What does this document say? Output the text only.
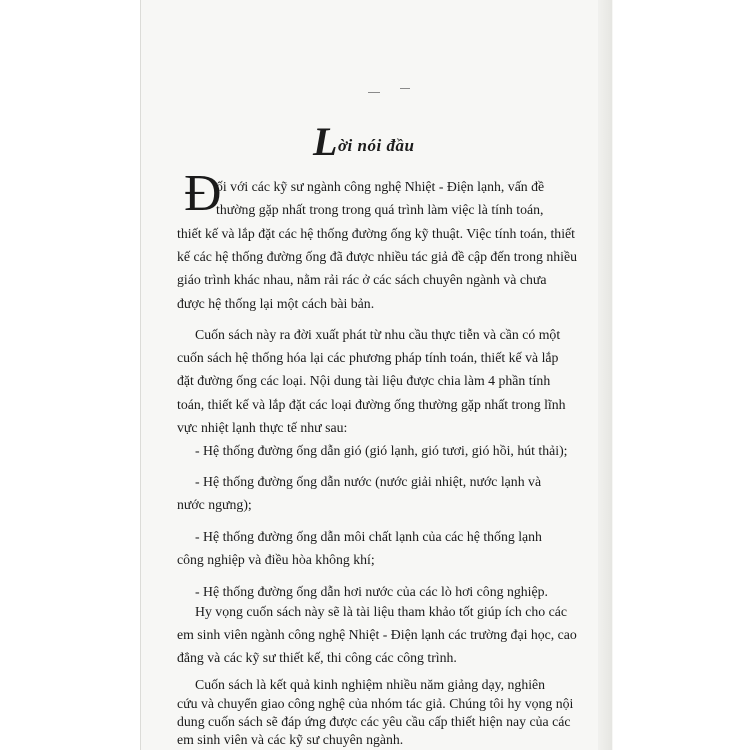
Lời nói đầu
Đ
ối với các kỹ sư ngành công nghệ Nhiệt - Điện lạnh, vấn đề
thường gặp nhất trong trong quá trình làm việc là tính toán,
thiết kế và lắp đặt các hệ thống đường ống kỹ thuật. Việc tính toán, thiết
kế các hệ thống đường ống đã được nhiều tác giả đề cập đến trong nhiều
giáo trình khác nhau, nằm rải rác ở các sách chuyên ngành và chưa
được hệ thống lại một cách bài bản.
Cuốn sách này ra đời xuất phát từ nhu cầu thực tiễn và cần có một
cuốn sách hệ thống hóa lại các phương pháp tính toán, thiết kế và lắp
đặt đường ống các loại. Nội dung tài liệu được chia làm 4 phần tính
toán, thiết kế và lắp đặt các loại đường ống thường gặp nhất trong lĩnh
vực nhiệt lạnh thực tế như sau:
- Hệ thống đường ống dẫn gió (gió lạnh, gió tươi, gió hồi, hút thải);
- Hệ thống đường ống dẫn nước (nước giải nhiệt, nước lạnh và
nước ngưng);
- Hệ thống đường ống dẫn môi chất lạnh của các hệ thống lạnh
công nghiệp và điều hòa không khí;
- Hệ thống đường ống dẫn hơi nước của các lò hơi công nghiệp.
Hy vọng cuốn sách này sẽ là tài liệu tham khảo tốt giúp ích cho các
em sinh viên ngành công nghệ Nhiệt - Điện lạnh các trường đại học, cao
đẳng và các kỹ sư thiết kế, thi công các công trình.
Cuốn sách là kết quả kinh nghiệm nhiều năm giảng dạy, nghiên
cứu và chuyển giao công nghệ của nhóm tác giả. Chúng tôi hy vọng nội
dung cuốn sách sẽ đáp ứng được các yêu cầu cấp thiết hiện nay của các
em sinh viên và các kỹ sư chuyên ngành.
